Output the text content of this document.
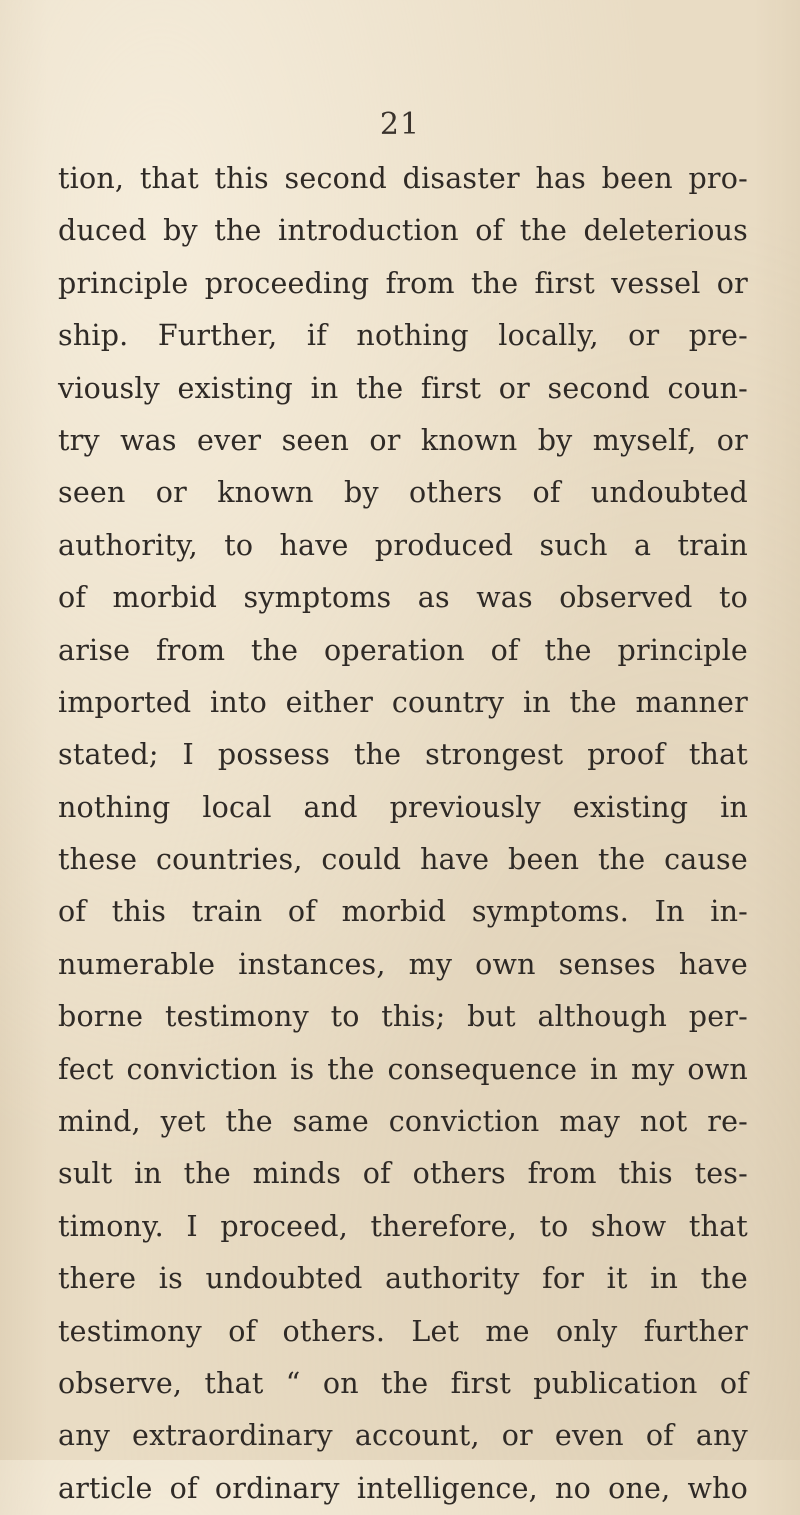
21
tion, that this second disaster has been pro-
duced by the introduction of the deleterious
principle proceeding from the first vessel or
ship. Further, if nothing locally, or pre-
viously existing in the first or second coun-
try was ever seen or known by myself, or
seen or known by others of undoubted
authority, to have produced such a train
of morbid symptoms as was observed to
arise from the operation of the principle
imported into either country in the manner
stated; I possess the strongest proof that
nothing local and previously existing in
these countries, could have been the cause
of this train of morbid symptoms. In in-
numerable instances, my own senses have
borne testimony to this; but although per-
fect conviction is the consequence in my own
mind, yet the same conviction may not re-
sult in the minds of others from this tes-
timony. I proceed, therefore, to show that
there is undoubted authority for it in the
testimony of others. Let me only further
observe, that “ on the first publication of
any extraordinary account, or even of any
article of ordinary intelligence, no one, who
